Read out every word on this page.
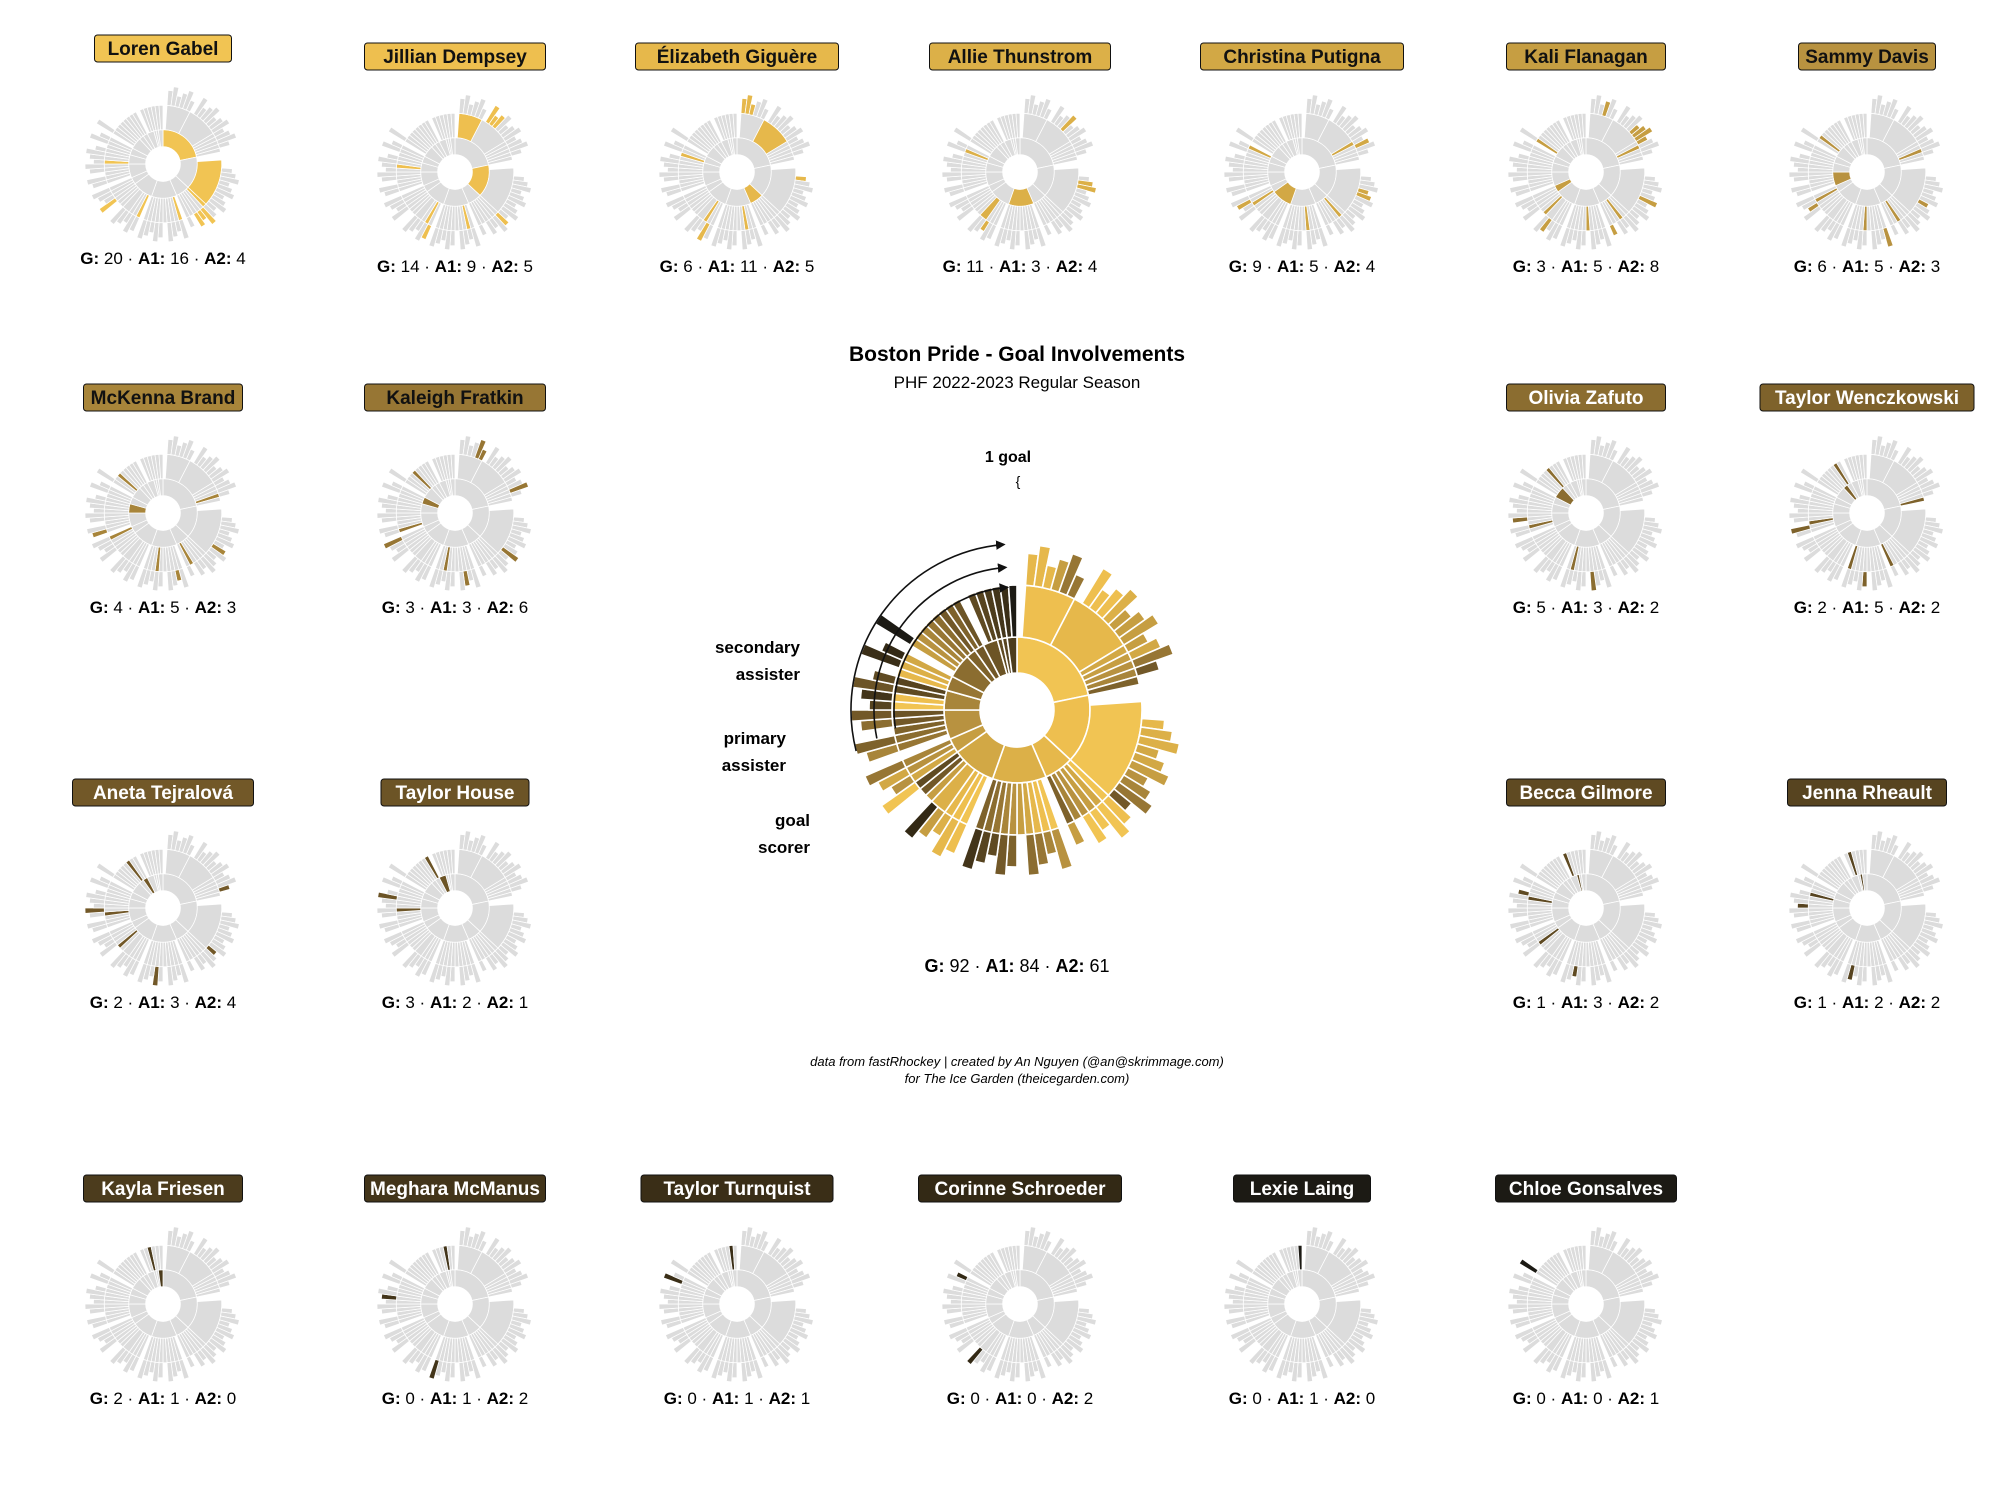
Loren Gabel
G: 20 · A1: 16 · A2: 4
Jillian Dempsey
G: 14 · A1: 9 · A2: 5
Élizabeth Giguère
G: 6 · A1: 11 · A2: 5
Allie Thunstrom
G: 11 · A1: 3 · A2: 4
Christina Putigna
G: 9 · A1: 5 · A2: 4
Kali Flanagan
G: 3 · A1: 5 · A2: 8
Sammy Davis
G: 6 · A1: 5 · A2: 3
McKenna Brand
G: 4 · A1: 5 · A2: 3
Kaleigh Fratkin
G: 3 · A1: 3 · A2: 6
Olivia Zafuto
G: 5 · A1: 3 · A2: 2
Taylor Wenczkowski
G: 2 · A1: 5 · A2: 2
Aneta Tejralová
G: 2 · A1: 3 · A2: 4
Taylor House
G: 3 · A1: 2 · A2: 1
Becca Gilmore
G: 1 · A1: 3 · A2: 2
Jenna Rheault
G: 1 · A1: 2 · A2: 2
Kayla Friesen
G: 2 · A1: 1 · A2: 0
Meghara McManus
G: 0 · A1: 1 · A2: 2
Taylor Turnquist
G: 0 · A1: 1 · A2: 1
Corinne Schroeder
G: 0 · A1: 0 · A2: 2
Lexie Laing
G: 0 · A1: 1 · A2: 0
Chloe Gonsalves
G: 0 · A1: 0 · A2: 1
G: 92 · A1: 84 · A2: 61
Boston Pride - Goal Involvements
PHF 2022-2023 Regular Season
1 goal
{
secondary
assister
primary
assister
goal
scorer
data from fastRhockey | created by An Nguyen (@an@skrimmage.com)
for The Ice Garden (theicegarden.com)
